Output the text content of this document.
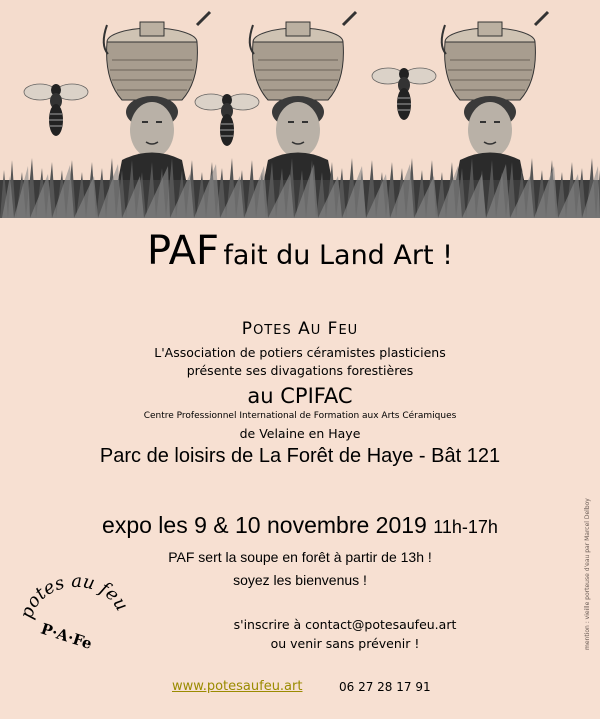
PAF fait du Land Art !
POTES AU FEU
L'Association de potiers céramistes plasticiens
présente ses divagations forestières
au CPIFAC
Centre Professionnel International de Formation aux Arts Céramiques
de Velaine en Haye
Parc de loisirs de La Forêt de Haye - Bât 121
expo les 9 & 10 novembre 2019 11h-17h
PAF sert la soupe en forêt à partir de 13h !
soyez les bienvenus !
s'inscrire à contact@potesaufeu.art
ou venir sans prévenir !
www.potesaufeu.art	06 27 28 17 91
mention : vieille porteuse d'eau par Marcel Delboy
otes au feu
P·A·Fe
